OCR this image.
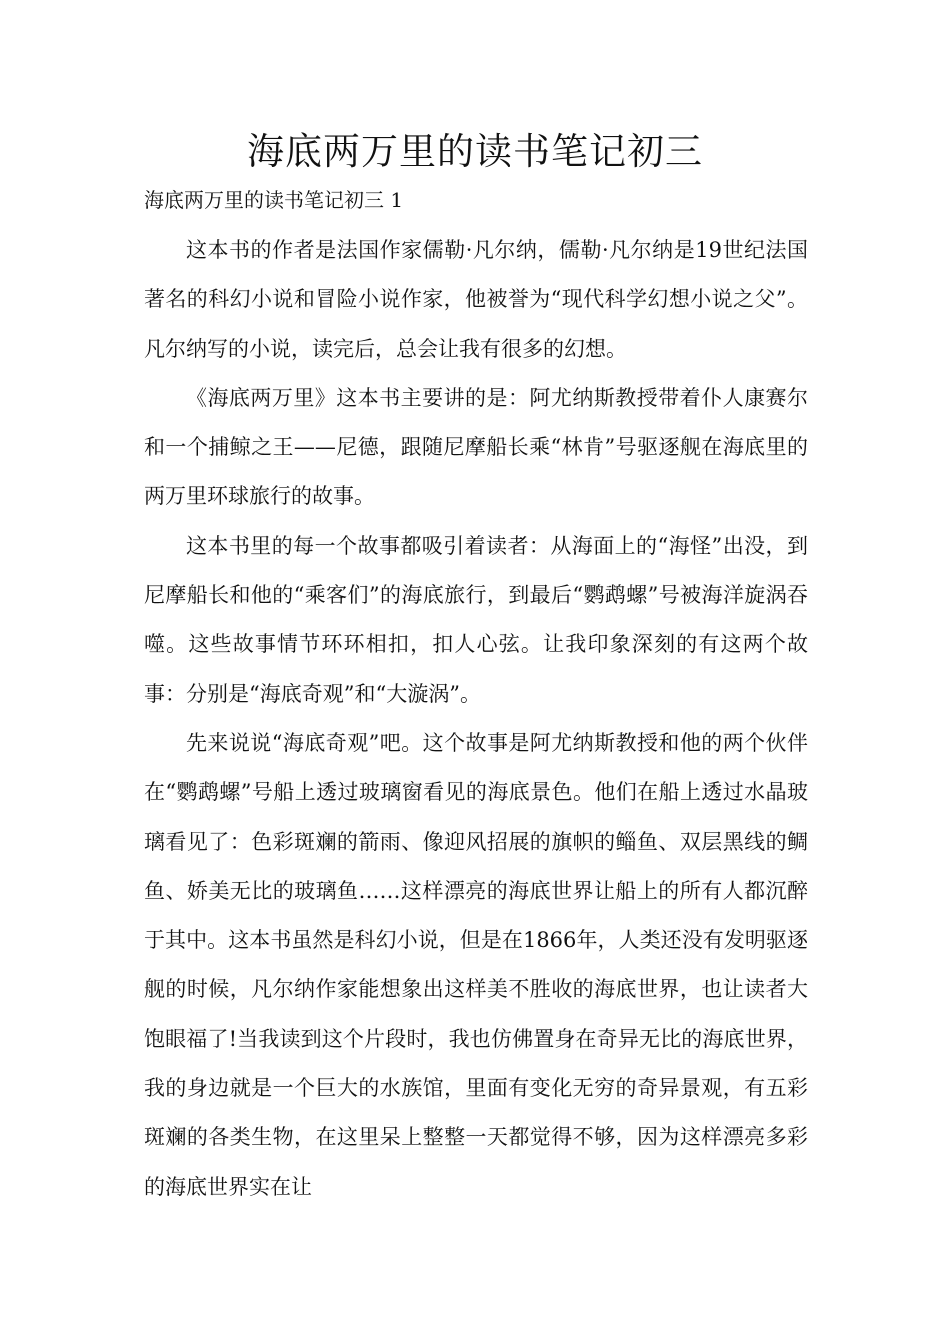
海底两万里的读书笔记初三

海底两万里的读书笔记初三 1

这本书的作者是法国作家儒勒·凡尔纳，儒勒·凡尔纳是19世纪法国著名的科幻小说和冒险小说作家，他被誉为“现代科学幻想小说之父”。凡尔纳写的小说，读完后，总会让我有很多的幻想。

《海底两万里》这本书主要讲的是：阿尤纳斯教授带着仆人康赛尔和一个捕鲸之王——尼德，跟随尼摩船长乘“林肯”号驱逐舰在海底里的两万里环球旅行的故事。

这本书里的每一个故事都吸引着读者：从海面上的“海怪”出没，到尼摩船长和他的“乘客们”的海底旅行，到最后“鹦鹉螺”号被海洋旋涡吞噬。这些故事情节环环相扣，扣人心弦。让我印象深刻的有这两个故事：分别是“海底奇观”和“大漩涡”。

先来说说“海底奇观”吧。这个故事是阿尤纳斯教授和他的两个伙伴在“鹦鹉螺”号船上透过玻璃窗看见的海底景色。他们在船上透过水晶玻璃看见了：色彩斑斓的箭雨、像迎风招展的旗帜的鲻鱼、双层黑线的鲷鱼、娇美无比的玻璃鱼……这样漂亮的海底世界让船上的所有人都沉醉于其中。这本书虽然是科幻小说，但是在1866年，人类还没有发明驱逐舰的时候，凡尔纳作家能想象出这样美不胜收的海底世界，也让读者大饱眼福了!当我读到这个片段时，我也仿佛置身在奇异无比的海底世界，我的身边就是一个巨大的水族馆，里面有变化无穷的奇异景观，有五彩斑斓的各类生物，在这里呆上整整一天都觉得不够，因为这样漂亮多彩的海底世界实在让
